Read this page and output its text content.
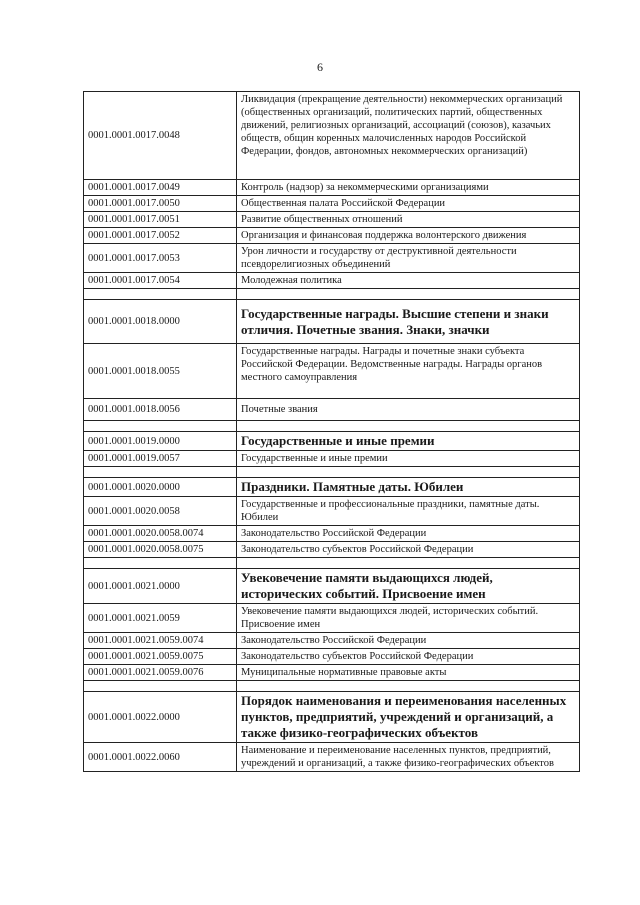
6
0001.0001.0017.0048	Ликвидация (прекращение деятельности) некоммерческих организаций (общественных организаций, политических партий, общественных движений, религиозных организаций, ассоциаций (союзов), казачьих обществ, общин коренных малочисленных народов Российской Федерации, фондов, автономных некоммерческих организаций)
0001.0001.0017.0049	Контроль (надзор) за некоммерческими организациями
0001.0001.0017.0050	Общественная палата Российской Федерации
0001.0001.0017.0051	Развитие общественных отношений
0001.0001.0017.0052	Организация и финансовая поддержка волонтерского движения
0001.0001.0017.0053	Урон личности и государству от деструктивной деятельности псевдорелигиозных объединений
0001.0001.0017.0054	Молодежная политика

0001.0001.0018.0000	Государственные награды. Высшие степени и знаки отличия. Почетные звания. Знаки, значки
0001.0001.0018.0055	Государственные награды. Награды и почетные знаки субъекта Российской Федерации. Ведомственные награды. Награды органов местного самоуправления
0001.0001.0018.0056	Почетные звания

0001.0001.0019.0000	Государственные и иные премии
0001.0001.0019.0057	Государственные и иные премии

0001.0001.0020.0000	Праздники. Памятные даты. Юбилеи
0001.0001.0020.0058	Государственные и профессиональные праздники, памятные даты. Юбилеи
0001.0001.0020.0058.0074	Законодательство Российской Федерации
0001.0001.0020.0058.0075	Законодательство субъектов Российской Федерации

0001.0001.0021.0000	Увековечение памяти выдающихся людей, исторических событий. Присвоение имен
0001.0001.0021.0059	Увековечение памяти выдающихся людей, исторических событий. Присвоение имен
0001.0001.0021.0059.0074	Законодательство Российской Федерации
0001.0001.0021.0059.0075	Законодательство субъектов Российской Федерации
0001.0001.0021.0059.0076	Муниципальные нормативные правовые акты

0001.0001.0022.0000	Порядок наименования и переименования населенных пунктов, предприятий, учреждений и организаций, а также физико-географических объектов
0001.0001.0022.0060	Наименование и переименование населенных пунктов, предприятий, учреждений и организаций, а также физико-географических объектов
